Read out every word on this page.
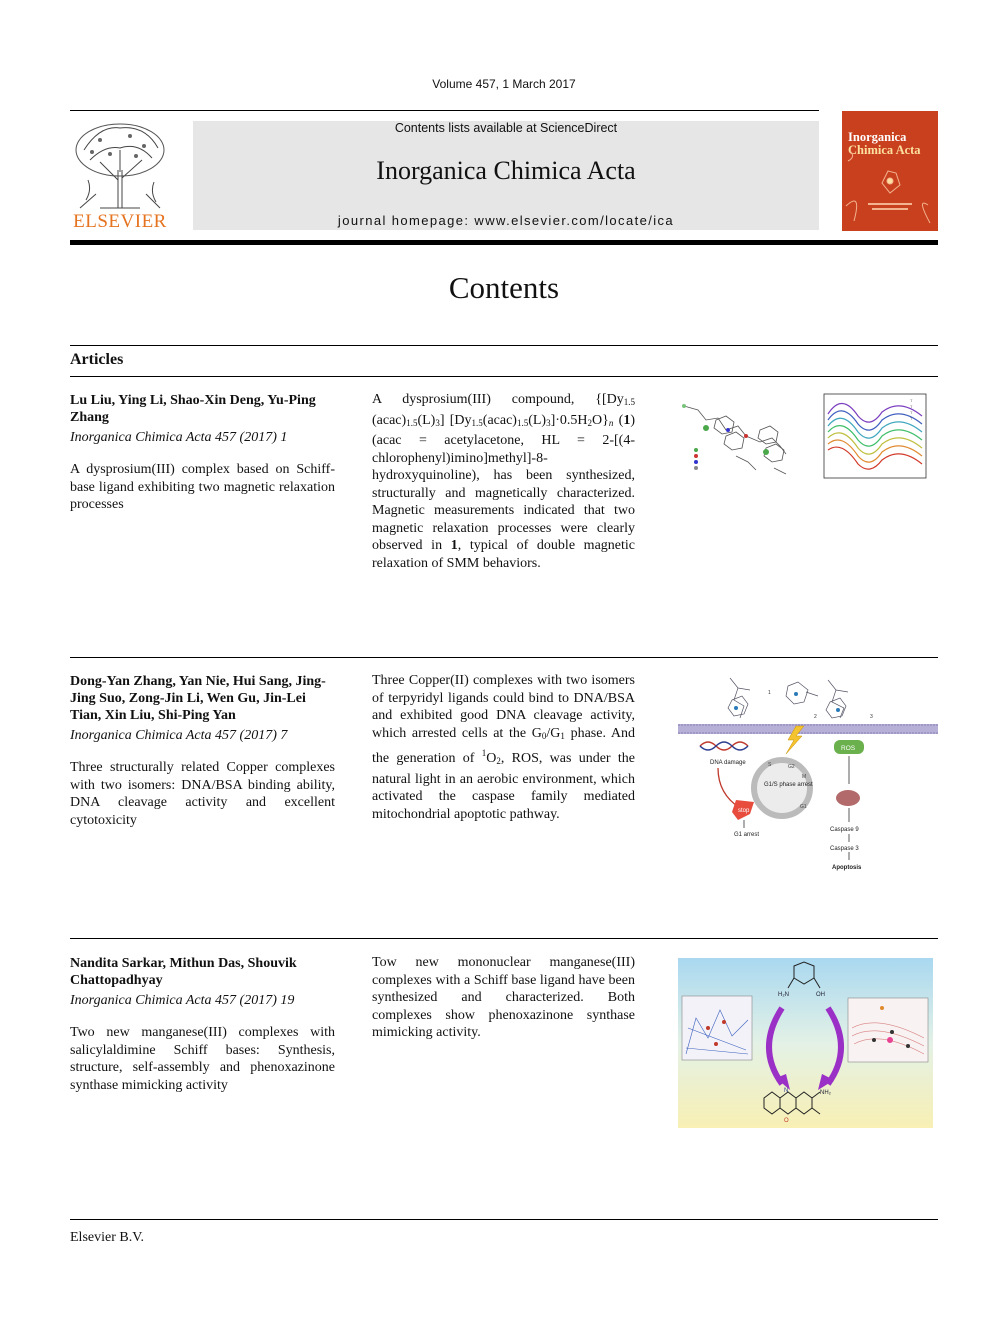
Volume 457, 1 March 2017
ELSEVIER
Contents lists available at ScienceDirect
Inorganica Chimica Acta
journal homepage: www.elsevier.com/locate/ica
Inorganica
Chimica Acta
Contents
Articles
Lu Liu, Ying Li, Shao-Xin Deng, Yu-Ping Zhang
Inorganica Chimica Acta 457 (2017) 1
A dysprosium(III) complex based on Schiff-base ligand exhibiting two magnetic relaxation processes
A dysprosium(III) compound, {[$Dy_{1.5}$ $(acac)_{1.5}(L)_3$] $[Dy_{1.5}(acac)_{1.5}(L)_3]\cdot 0.5H_2O\}_n$ (1) (acac = acetylacetone, HL = 2-[(4-chlorophenyl)imino]methyl]-8-hydroxyquinoline), has been synthesized, structurally and magnetically characterized. Magnetic measurements indicated that two magnetic relaxation processes were clearly observed in 1, typical of double magnetic relaxation of SMM behaviors.
T
T
T
T
Dong-Yan Zhang, Yan Nie, Hui Sang, Jing-Jing Suo, Zong-Jin Li, Wen Gu, Jin-Lei Tian, Xin Liu, Shi-Ping Yan
Inorganica Chimica Acta 457 (2017) 7
Three structurally related Copper complexes with two isomers: DNA/BSA binding ability, DNA cleavage activity and excellent cytotoxicity
Three Copper(II) complexes with two isomers of terpyridyl ligands could bind to DNA/BSA and exhibited good DNA cleavage activity, which arrested cells at the $G_0/G_1$ phase. And the generation of $^1O_2$, ROS, was under the natural light in an aerobic environment, which activated the caspase family mediated mitochondrial apoptotic pathway.
1
2	3
DNA damage
ROS
G1/S phase arrest
S	G2
M
G1
stop
G1 arrest
Caspase 9
Caspase 3
Apoptosis
Nandita Sarkar, Mithun Das, Shouvik Chattopadhyay
Inorganica Chimica Acta 457 (2017) 19
Two new manganese(III) complexes with salicylaldimine Schiff bases: Synthesis, structure, self-assembly and phenoxazinone synthase mimicking activity
Tow new mononuclear manganese(III) complexes with a Schiff base ligand have been synthesized and characterized. Both complexes show phenoxazinone synthase mimicking activity.
H₂N	OH
N
O
NH₂
Elsevier B.V.
